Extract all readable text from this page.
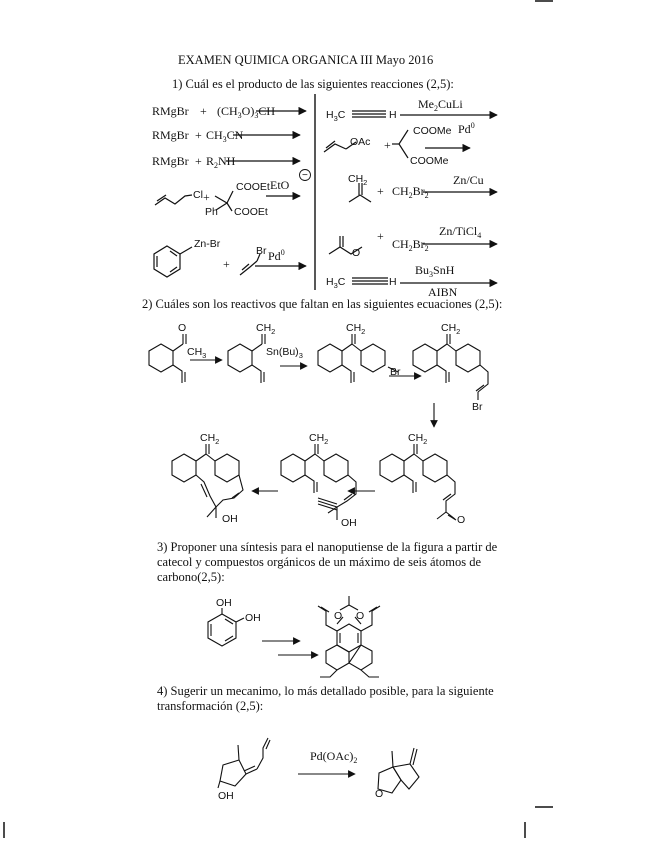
EXAMEN QUIMICA ORGANICA III Mayo 2016
1) Cuál es el producto de las siguientes reacciones (2,5):
RMgBr + $(CH_3O)_3CH$
RMgBr + $CH_3CN$
RMgBr + $R_2NH$
+
EtO
+
$Pd^0$
Cl
COOEt
Ph COOEt
−
Zn-Br
Br
$H_3C$	H
OAc
COOMe
COOMe
$CH_2$
O
$H_3C$	H
$Me_2CuLi$
+
$Pd^0$
+ $CH_2Br_2$
Zn/Cu
+
$CH_2Br_2$
Zn/TiCl$_4$
$Bu_3SnH$
AIBN
2) Cuáles son los reactivos que faltan en las siguientes ecuaciones (2,5):
O
$CH_3$
$CH_2$
$Sn(Bu)_3$
$CH_2$
Br
$CH_2$
Br
$CH_2$
O
$CH_2$
OH
$CH_2$
OH
3) Proponer una síntesis para el nanoputiense de la figura a partir de catecol y compuestos orgánicos de un máximo de seis átomos de carbono(2,5):
OH
OH	O O
4) Sugerir un mecanimo, lo más detallado posible, para la siguiente transformación (2,5):
OH	O
$Pd(OAc)_2$
